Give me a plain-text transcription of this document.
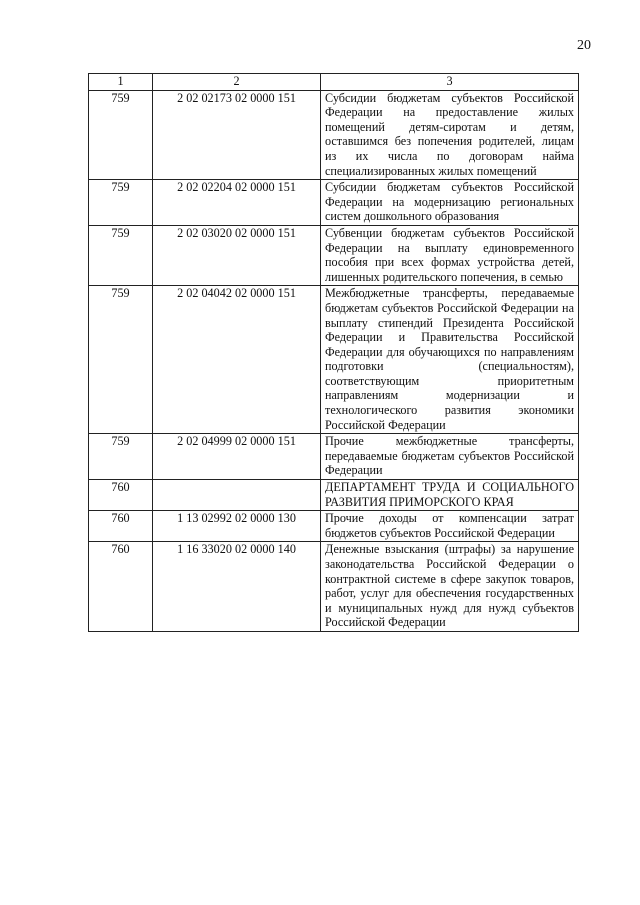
20
1	2	3
759	2 02 02173 02 0000 151	Субсидии бюджетам субъектов Российской Федерации на предоставление жилых помещений детям-сиротам и детям, оставшимся без попечения родителей, лицам из их числа по договорам найма специализированных жилых помещений
759	2 02 02204 02 0000 151	Субсидии бюджетам субъектов Российской Федерации на модернизацию региональных систем дошкольного образования
759	2 02 03020 02 0000 151	Субвенции бюджетам субъектов Российской Федерации на выплату единовременного пособия при всех формах устройства детей, лишенных родительского попечения, в семью
759	2 02 04042 02 0000 151	Межбюджетные трансферты, передаваемые бюджетам субъектов Российской Федерации на выплату стипендий Президента Российской Федерации и Правительства Российской Федерации для обучающихся по направлениям подготовки (специальностям), соответствующим приоритетным направлениям модернизации и технологического развития экономики Российской Федерации
759	2 02 04999 02 0000 151	Прочие межбюджетные трансферты, передаваемые бюджетам субъектов Российской Федерации
760		ДЕПАРТАМЕНТ ТРУДА И СОЦИАЛЬНОГО РАЗВИТИЯ ПРИМОРСКОГО КРАЯ
760	1 13 02992 02 0000 130	Прочие доходы от компенсации затрат бюджетов субъектов Российской Федерации
760	1 16 33020 02 0000 140	Денежные взыскания (штрафы) за нарушение законодательства Российской Федерации о контрактной системе в сфере закупок товаров, работ, услуг для обеспечения государственных и муниципальных нужд для нужд субъектов Российской Федерации
